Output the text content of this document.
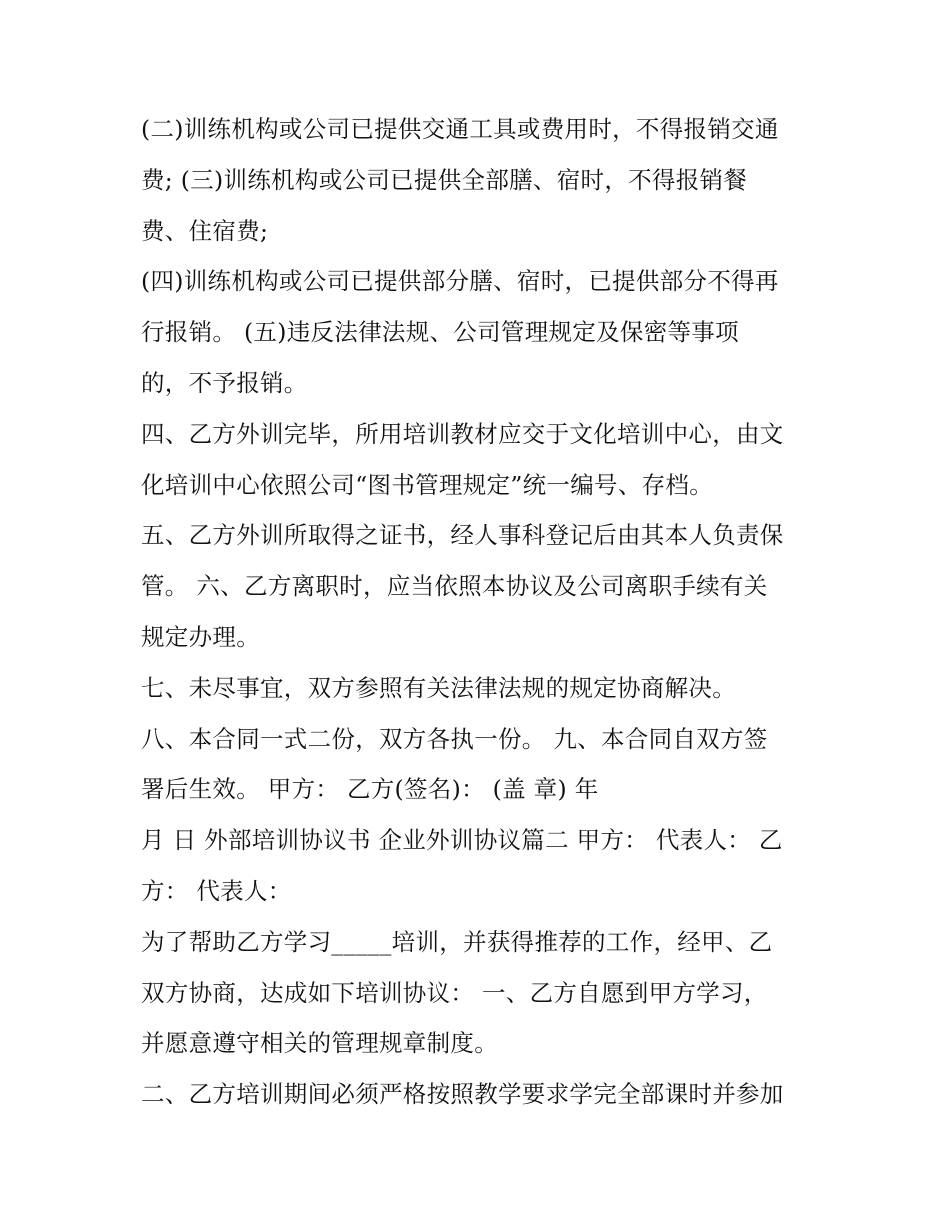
(二)训练机构或公司已提供交通工具或费用时，不得报销交通
费; (三)训练机构或公司已提供全部膳、宿时，不得报销餐
费、住宿费;
(四)训练机构或公司已提供部分膳、宿时，已提供部分不得再
行报销。 (五)违反法律法规、公司管理规定及保密等事项
的，不予报销。
四、乙方外训完毕，所用培训教材应交于文化培训中心，由文
化培训中心依照公司“图书管理规定”统一编号、存档。
五、乙方外训所取得之证书，经人事科登记后由其本人负责保
管。 六、乙方离职时，应当依照本协议及公司离职手续有关
规定办理。
七、未尽事宜，双方参照有关法律法规的规定协商解决。
八、本合同一式二份，双方各执一份。 九、本合同自双方签
署后生效。 甲方： 乙方(签名)： (盖 章) 年
月 日 外部培训协议书 企业外训协议篇二 甲方： 代表人： 乙
方： 代表人：
为了帮助乙方学习_____培训，并获得推荐的工作，经甲、乙
双方协商，达成如下培训协议： 一、乙方自愿到甲方学习，
并愿意遵守相关的管理规章制度。
二、乙方培训期间必须严格按照教学要求学完全部课时并参加
